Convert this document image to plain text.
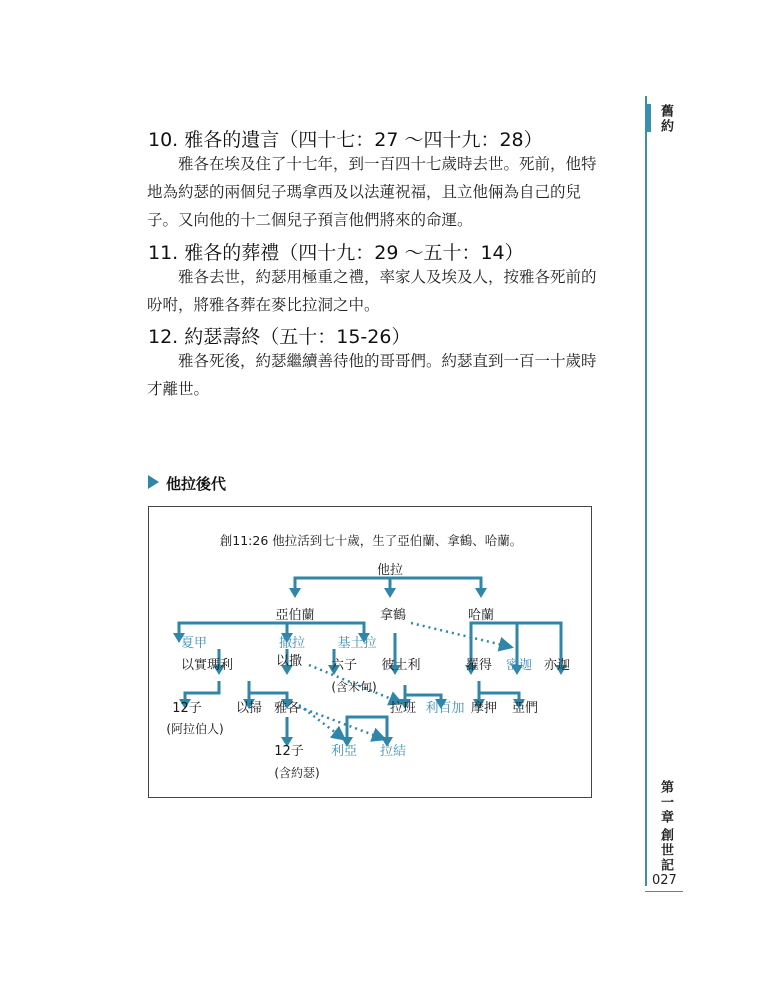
10. 雅各的遺言（四十七：27 ～四十九：28）

雅各在埃及住了十七年，到一百四十七歲時去世。死前，他特地為約瑟的兩個兒子瑪拿西及以法蓮祝福，且立他倆為自己的兒子。又向他的十二個兒子預言他們將來的命運。

11. 雅各的葬禮（四十九：29 ～五十：14）

雅各去世，約瑟用極重之禮，率家人及埃及人，按雅各死前的吩咐，將雅各葬在麥比拉洞之中。

12. 約瑟壽終（五十：15-26）

雅各死後，約瑟繼續善待他的哥哥們。約瑟直到一百一十歲時才離世。

舊約
第一章
創世記
027
他拉後代
創11:26 他拉活到七十歲，生了亞伯蘭、拿鶴、哈蘭。
他拉
亞伯蘭	拿鶴	哈蘭
夏甲	撒拉 基土拉
以實瑪利	以撒 六子
(含米甸)
彼土利	羅得 密迦 亦迦
12子
(阿拉伯人)
以掃 雅各	拉班 利百加 摩押 亞們
12子
(含約瑟)
利亞 拉結
